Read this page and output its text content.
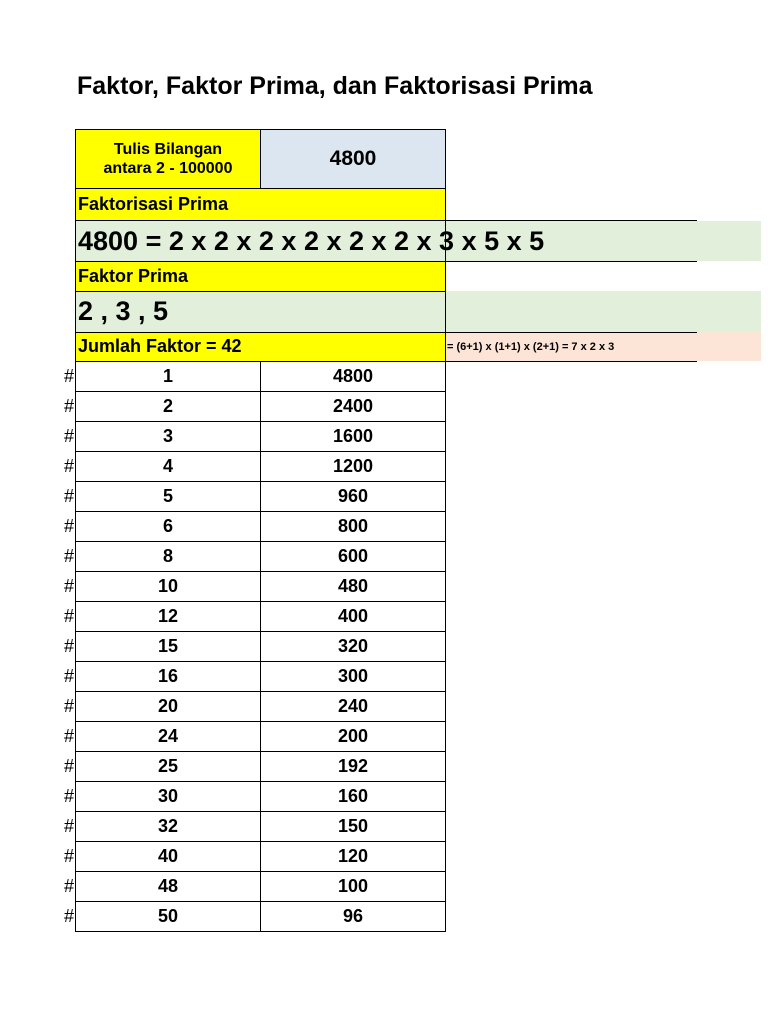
Faktor, Faktor Prima, dan Faktorisasi Prima
Tulis Bilangan
antara 2 - 100000	4800
Faktorisasi Prima
4800 = 2 x 2 x 2 x 2 x 2 x 2 x 3 x 5 x 5
Faktor Prima
2 , 3 , 5
Jumlah Faktor = 42	= (6+1) x (1+1) x (2+1) = 7 x 2 x 3
#	1	4800
#	2	2400
#	3	1600
#	4	1200
#	5	960
#	6	800
#	8	600
#	10	480
#	12	400
#	15	320
#	16	300
#	20	240
#	24	200
#	25	192
#	30	160
#	32	150
#	40	120
#	48	100
#	50	96
